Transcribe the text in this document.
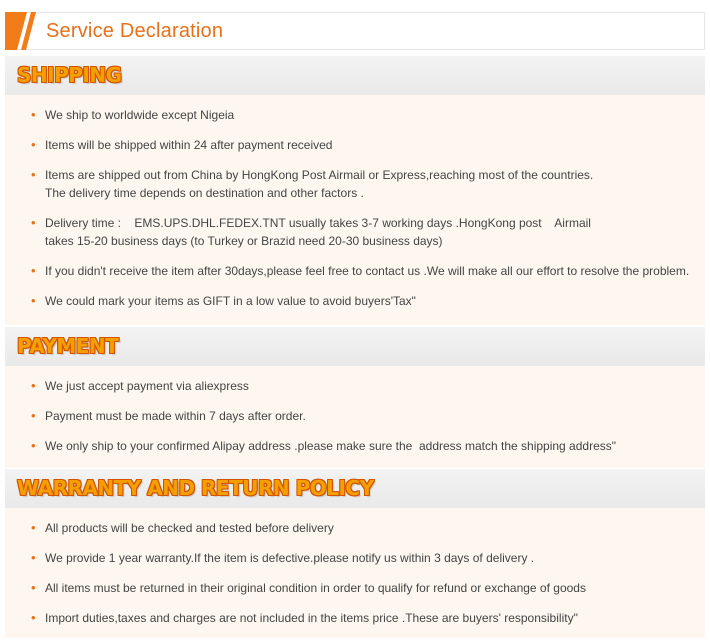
Service Declaration
SHIPPING
• We ship to worldwide except Nigeia
• Items will be shipped within 24 after payment received
• Items are shipped out from China by HongKong Post Airmail or Express,reaching most of the countries.
The delivery time depends on destination and other factors .
• Delivery time :    EMS.UPS.DHL.FEDEX.TNT usually takes 3-7 working days .HongKong post    Airmail
takes 15-20 business days (to Turkey or Brazid need 20-30 business days)
• If you didn't receive the item after 30days,please feel free to contact us .We will make all our effort to resolve the problem.
• We could mark your items as GIFT in a low value to avoid buyers'Tax"
PAYMENT
• We just accept payment via aliexpress
• Payment must be made within 7 days after order.
• We only ship to your confirmed Alipay address .please make sure the  address match the shipping address"
WARRANTY AND RETURN POLICY
• All products will be checked and tested before delivery
• We provide 1 year warranty.If the item is defective.please notify us within 3 days of delivery .
• All items must be returned in their original condition in order to qualify for refund or exchange of goods
• Import duties,taxes and charges are not included in the items price .These are buyers' responsibility"
